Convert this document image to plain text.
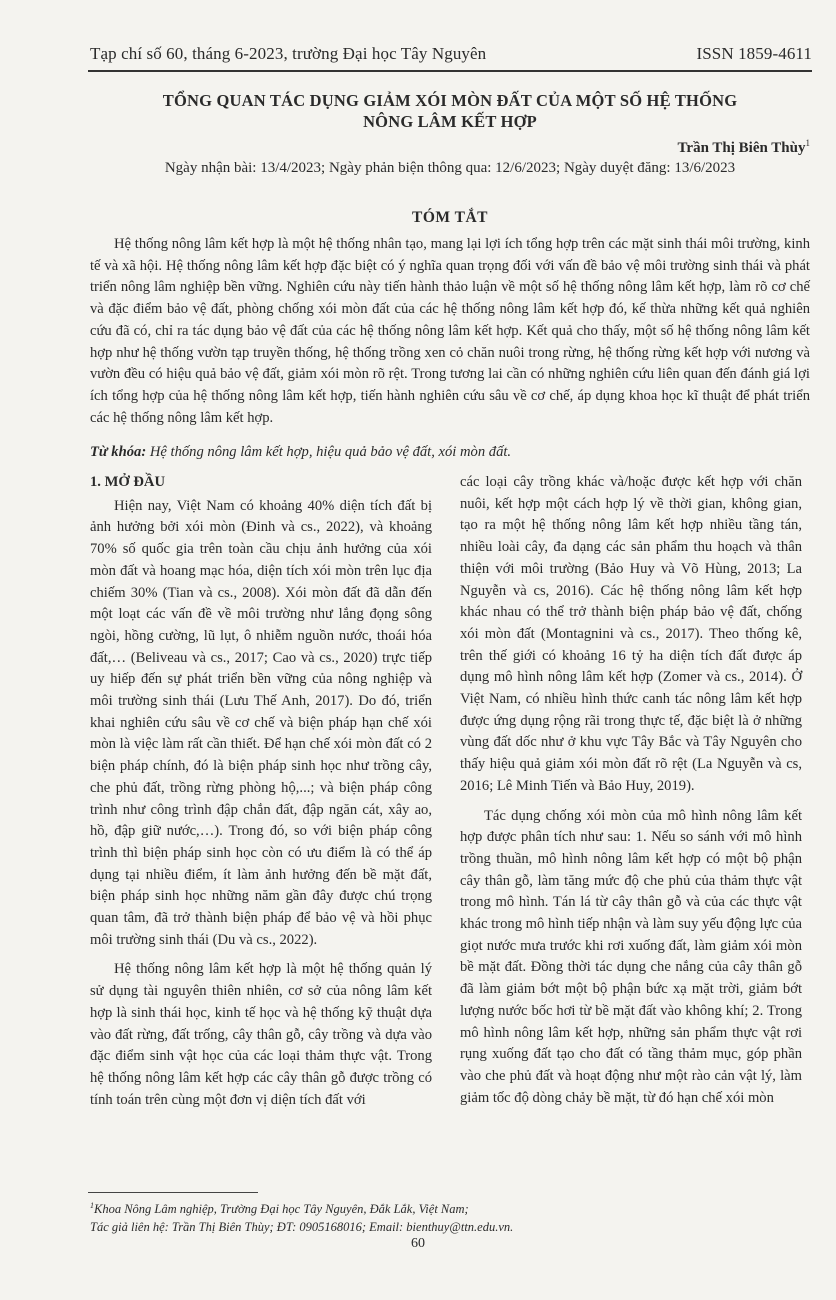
Tạp chí số 60, tháng 6-2023, trường Đại học Tây Nguyên	ISSN 1859-4611
TỔNG QUAN TÁC DỤNG GIẢM XÓI MÒN ĐẤT CỦA MỘT SỐ HỆ THỐNG
NÔNG LÂM KẾT HỢP
Trần Thị Biên Thùy$^1$
Ngày nhận bài: 13/4/2023; Ngày phản biện thông qua: 12/6/2023; Ngày duyệt đăng: 13/6/2023
TÓM TẮT

Hệ thống nông lâm kết hợp là một hệ thống nhân tạo, mang lại lợi ích tổng hợp trên các mặt sinh thái môi trường, kinh tế và xã hội. Hệ thống nông lâm kết hợp đặc biệt có ý nghĩa quan trọng đối với vấn đề bảo vệ môi trường sinh thái và phát triển nông lâm nghiệp bền vững. Nghiên cứu này tiến hành thảo luận về một số hệ thống nông lâm kết hợp, làm rõ cơ chế và đặc điểm bảo vệ đất, phòng chống xói mòn đất của các hệ thống nông lâm kết hợp đó, kế thừa những kết quả nghiên cứu đã có, chỉ ra tác dụng bảo vệ đất của các hệ thống nông lâm kết hợp. Kết quả cho thấy, một số hệ thống nông lâm kết hợp như hệ thống vườn tạp truyền thống, hệ thống trồng xen cỏ chăn nuôi trong rừng, hệ thống rừng kết hợp với nương và vườn đều có hiệu quả bảo vệ đất, giảm xói mòn rõ rệt. Trong tương lai cần có những nghiên cứu liên quan đến đánh giá lợi ích tổng hợp của hệ thống nông lâm kết hợp, tiến hành nghiên cứu sâu về cơ chế, áp dụng khoa học kĩ thuật để phát triển các hệ thống nông lâm kết hợp.

Từ khóa: Hệ thống nông lâm kết hợp, hiệu quả bảo vệ đất, xói mòn đất.
1. MỞ ĐẦU

Hiện nay, Việt Nam có khoảng 40% diện tích đất bị ảnh hưởng bởi xói mòn (Đinh và cs., 2022), và khoảng 70% số quốc gia trên toàn cầu chịu ảnh hưởng của xói mòn đất và hoang mạc hóa, diện tích xói mòn trên lục địa chiếm 30% (Tian và cs., 2008). Xói mòn đất đã dẫn đến một loạt các vấn đề về môi trường như lắng đọng sông ngòi, hồng cường, lũ lụt, ô nhiễm nguồn nước, thoái hóa đất,… (Beliveau và cs., 2017; Cao và cs., 2020) trực tiếp uy hiếp đến sự phát triển bền vững của nông nghiệp và môi trường sinh thái (Lưu Thế Anh, 2017). Do đó, triển khai nghiên cứu sâu về cơ chế và biện pháp hạn chế xói mòn là việc làm rất cần thiết. Để hạn chế xói mòn đất có 2 biện pháp chính, đó là biện pháp sinh học như trồng cây, che phủ đất, trồng rừng phòng hộ,...; và biện pháp công trình như công trình đập chắn đất, đập ngăn cát, xây ao, hồ, đập giữ nước,…). Trong đó, so với biện pháp công trình thì biện pháp sinh học còn có ưu điểm là có thể áp dụng tại nhiều điểm, ít làm ảnh hưởng đến bề mặt đất, biện pháp sinh học những năm gần đây được chú trọng quan tâm, đã trở thành biện pháp để bảo vệ và hồi phục môi trường sinh thái (Du và cs., 2022).

Hệ thống nông lâm kết hợp là một hệ thống quản lý sử dụng tài nguyên thiên nhiên, cơ sở của nông lâm kết hợp là sinh thái học, kinh tế học và hệ thống kỹ thuật dựa vào đất rừng, đất trống, cây thân gỗ, cây trồng và dựa vào đặc điểm sinh vật học của các loại thảm thực vật. Trong hệ thống nông lâm kết hợp các cây thân gỗ được trồng có tính toán trên cùng một đơn vị diện tích đất với

các loại cây trồng khác và/hoặc được kết hợp với chăn nuôi, kết hợp một cách hợp lý về thời gian, không gian, tạo ra một hệ thống nông lâm kết hợp nhiều tầng tán, nhiều loài cây, đa dạng các sản phẩm thu hoạch và thân thiện với môi trường (Bảo Huy và Võ Hùng, 2013; La Nguyễn và cs, 2016). Các hệ thống nông lâm kết hợp khác nhau có thể trở thành biện pháp bảo vệ đất, chống xói mòn đất (Montagnini và cs., 2017). Theo thống kê, trên thế giới có khoảng 16 tỷ ha diện tích đất được áp dụng mô hình nông lâm kết hợp (Zomer và cs., 2014). Ở Việt Nam, có nhiều hình thức canh tác nông lâm kết hợp được ứng dụng rộng rãi trong thực tế, đặc biệt là ở những vùng đất dốc như ở khu vực Tây Bắc và Tây Nguyên cho thấy hiệu quả giảm xói mòn đất rõ rệt (La Nguyễn và cs, 2016; Lê Minh Tiến và Bảo Huy, 2019).

Tác dụng chống xói mòn của mô hình nông lâm kết hợp được phân tích như sau: 1. Nếu so sánh với mô hình trồng thuần, mô hình nông lâm kết hợp có một bộ phận cây thân gỗ, làm tăng mức độ che phủ của thảm thực vật trong mô hình. Tán lá từ cây thân gỗ và của các thực vật khác trong mô hình tiếp nhận và làm suy yếu động lực của giọt nước mưa trước khi rơi xuống đất, làm giảm xói mòn bề mặt đất. Đồng thời tác dụng che nắng của cây thân gỗ đã làm giảm bớt một bộ phận bức xạ mặt trời, giảm bớt lượng nước bốc hơi từ bề mặt đất vào không khí; 2. Trong mô hình nông lâm kết hợp, những sản phẩm thực vật rơi rụng xuống đất tạo cho đất có tầng thảm mục, góp phần vào che phủ đất và hoạt động như một rào cản vật lý, làm giảm tốc độ dòng chảy bề mặt, từ đó hạn chế xói mòn

$^1$Khoa Nông Lâm nghiệp, Trường Đại học Tây Nguyên, Đắk Lắk, Việt Nam;
Tác giả liên hệ: Trần Thị Biên Thùy; ĐT: 0905168016; Email: bienthuy@ttn.edu.vn.
60
